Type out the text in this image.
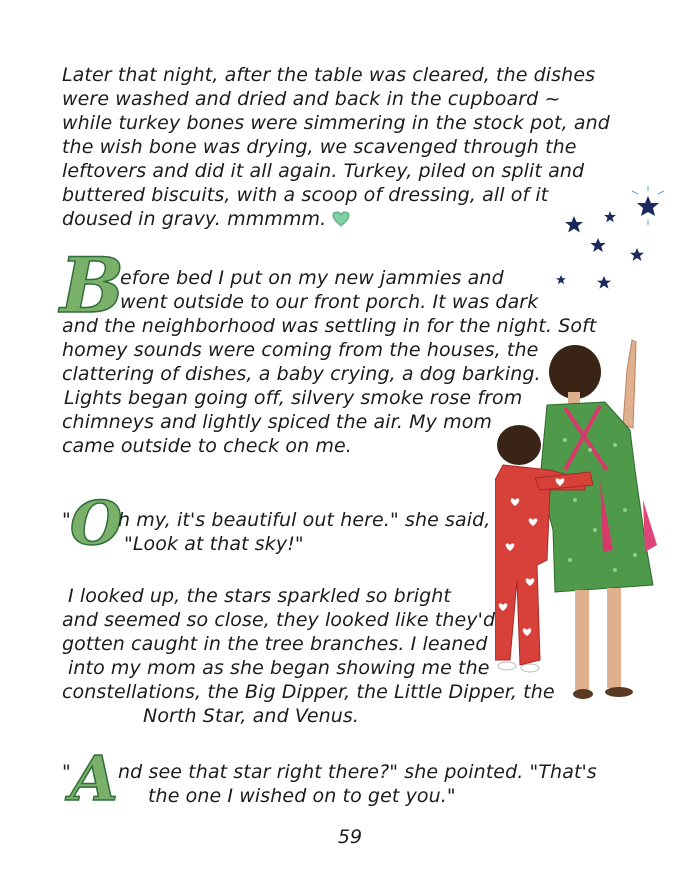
Later that night, after the table was cleared, the dishes
were washed and dried and back in the cupboard ~
while turkey bones were simmering in the stock pot, and
the wish bone was drying, we scavenged through the
leftovers and did it all again. Turkey, piled on split and
buttered biscuits, with a scoop of dressing, all of it
doused in gravy. mmmmm.
B
efore bed I put on my new jammies and
went outside to our front porch. It was dark
and the neighborhood was settling in for the night. Soft
homey sounds were coming from the houses, the
clattering of dishes, a baby crying, a dog barking.
Lights began going off, silvery smoke rose from
chimneys and lightly spiced the air. My mom
came outside to check on me.
" O
h my, it's beautiful out here." she said,
"Look at that sky!"
I looked up, the stars sparkled so bright
and seemed so close, they looked like they'd
gotten caught in the tree branches. I leaned
into my mom as she began showing me the
constellations, the Big Dipper, the Little Dipper, the
North Star, and Venus.
" A nd see that star right there?" she pointed. "That's
the one I wished on to get you."
59
